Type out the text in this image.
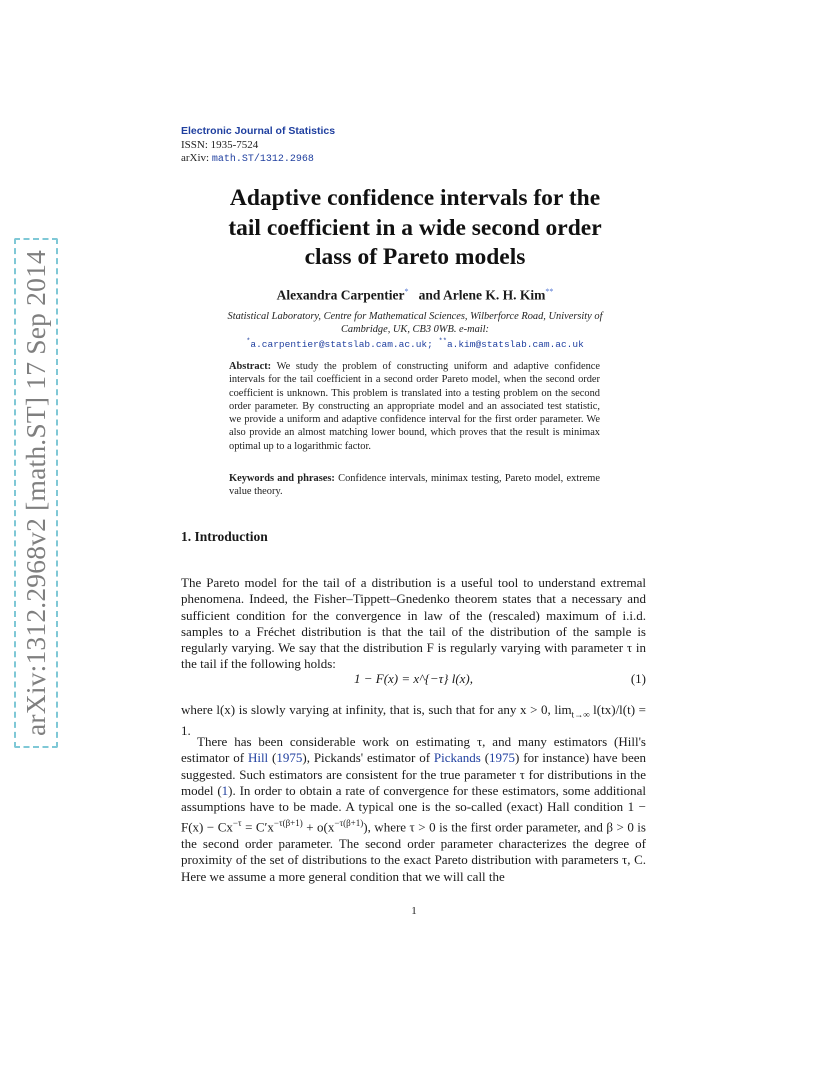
arXiv:1312.2968v2 [math.ST] 17 Sep 2014
Electronic Journal of Statistics
ISSN: 1935-7524
arXiv: math.ST/1312.2968
Adaptive confidence intervals for the
tail coefficient in a wide second order
class of Pareto models
Alexandra Carpentier* and Arlene K. H. Kim**
Statistical Laboratory, Centre for Mathematical Sciences, Wilberforce Road, University of
Cambridge, UK, CB3 0WB. e-mail:
*a.carpentier@statslab.cam.ac.uk; **a.kim@statslab.cam.ac.uk
Abstract: We study the problem of constructing uniform and adaptive confidence intervals for the tail coefficient in a second order Pareto model, when the second order coefficient is unknown. This problem is translated into a testing problem on the second order parameter. By constructing an appropriate model and an associated test statistic, we provide a uniform and adaptive confidence interval for the first order parameter. We also provide an almost matching lower bound, which proves that the result is minimax optimal up to a logarithmic factor.
Keywords and phrases: Confidence intervals, minimax testing, Pareto model, extreme value theory.
1. Introduction
The Pareto model for the tail of a distribution is a useful tool to understand extremal phenomena. Indeed, the Fisher–Tippett–Gnedenko theorem states that a necessary and sufficient condition for the convergence in law of the (rescaled) maximum of i.i.d. samples to a Fréchet distribution is that the tail of the distribution of the sample is regularly varying. We say that the distribution F is regularly varying with parameter τ in the tail if the following holds:
1 − F(x) = x^{−τ} l(x),	(1)
where l(x) is slowly varying at infinity, that is, such that for any x > 0, $\lim_{t\to\infty} l(tx)/l(t) = 1$.
There has been considerable work on estimating τ, and many estimators (Hill's estimator of Hill (1975), Pickands' estimator of Pickands (1975) for instance) have been suggested. Such estimators are consistent for the true parameter τ for distributions in the model (1). In order to obtain a rate of convergence for these estimators, some additional assumptions have to be made. A typical one is the so-called (exact) Hall condition $1 - F(x) - Cx^{-\tau} = C'x^{-\tau(\beta+1)} + o(x^{-\tau(\beta+1)})$, where τ > 0 is the first order parameter, and β > 0 is the second order parameter. The second order parameter characterizes the degree of proximity of the set of distributions to the exact Pareto distribution with parameters τ, C. Here we assume a more general condition that we will call the
1
